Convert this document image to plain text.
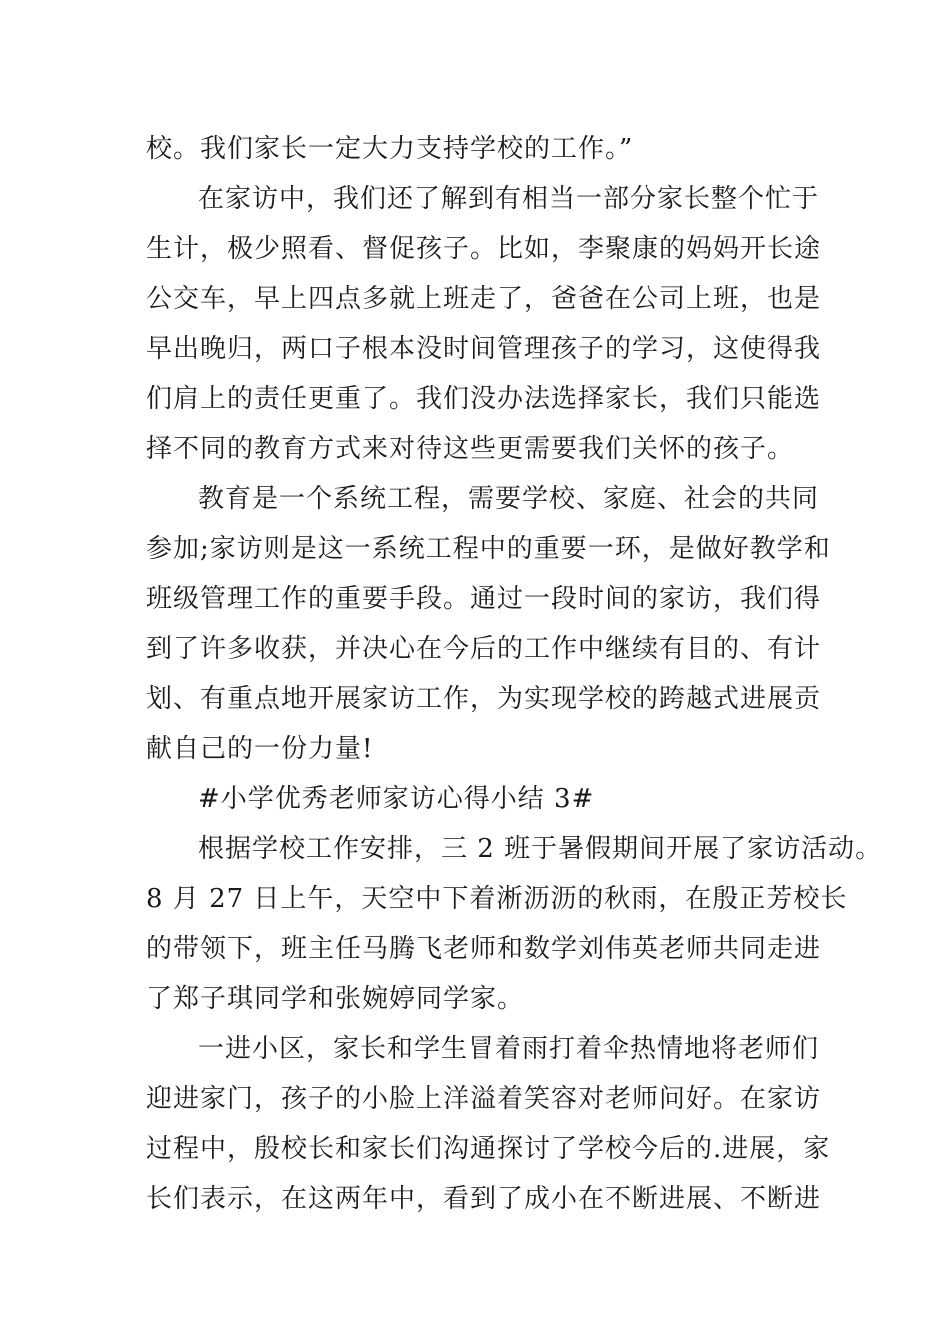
校。我们家长一定大力支持学校的工作。”
在家访中，我们还了解到有相当一部分家长整个忙于
生计，极少照看、督促孩子。比如，李聚康的妈妈开长途
公交车，早上四点多就上班走了，爸爸在公司上班，也是
早出晚归，两口子根本没时间管理孩子的学习，这使得我
们肩上的责任更重了。我们没办法选择家长，我们只能选
择不同的教育方式来对待这些更需要我们关怀的孩子。
教育是一个系统工程，需要学校、家庭、社会的共同
参加;家访则是这一系统工程中的重要一环，是做好教学和
班级管理工作的重要手段。通过一段时间的家访，我们得
到了许多收获，并决心在今后的工作中继续有目的、有计
划、有重点地开展家访工作，为实现学校的跨越式进展贡
献自己的一份力量!
#小学优秀老师家访心得小结 3#
根据学校工作安排，三 2 班于暑假期间开展了家访活动。
8 月 27 日上午，天空中下着淅沥沥的秋雨，在殷正芳校长
的带领下，班主任马腾飞老师和数学刘伟英老师共同走进
了郑子琪同学和张婉婷同学家。
一进小区，家长和学生冒着雨打着伞热情地将老师们
迎进家门，孩子的小脸上洋溢着笑容对老师问好。在家访
过程中，殷校长和家长们沟通探讨了学校今后的.进展，家
长们表示，在这两年中，看到了成小在不断进展、不断进
